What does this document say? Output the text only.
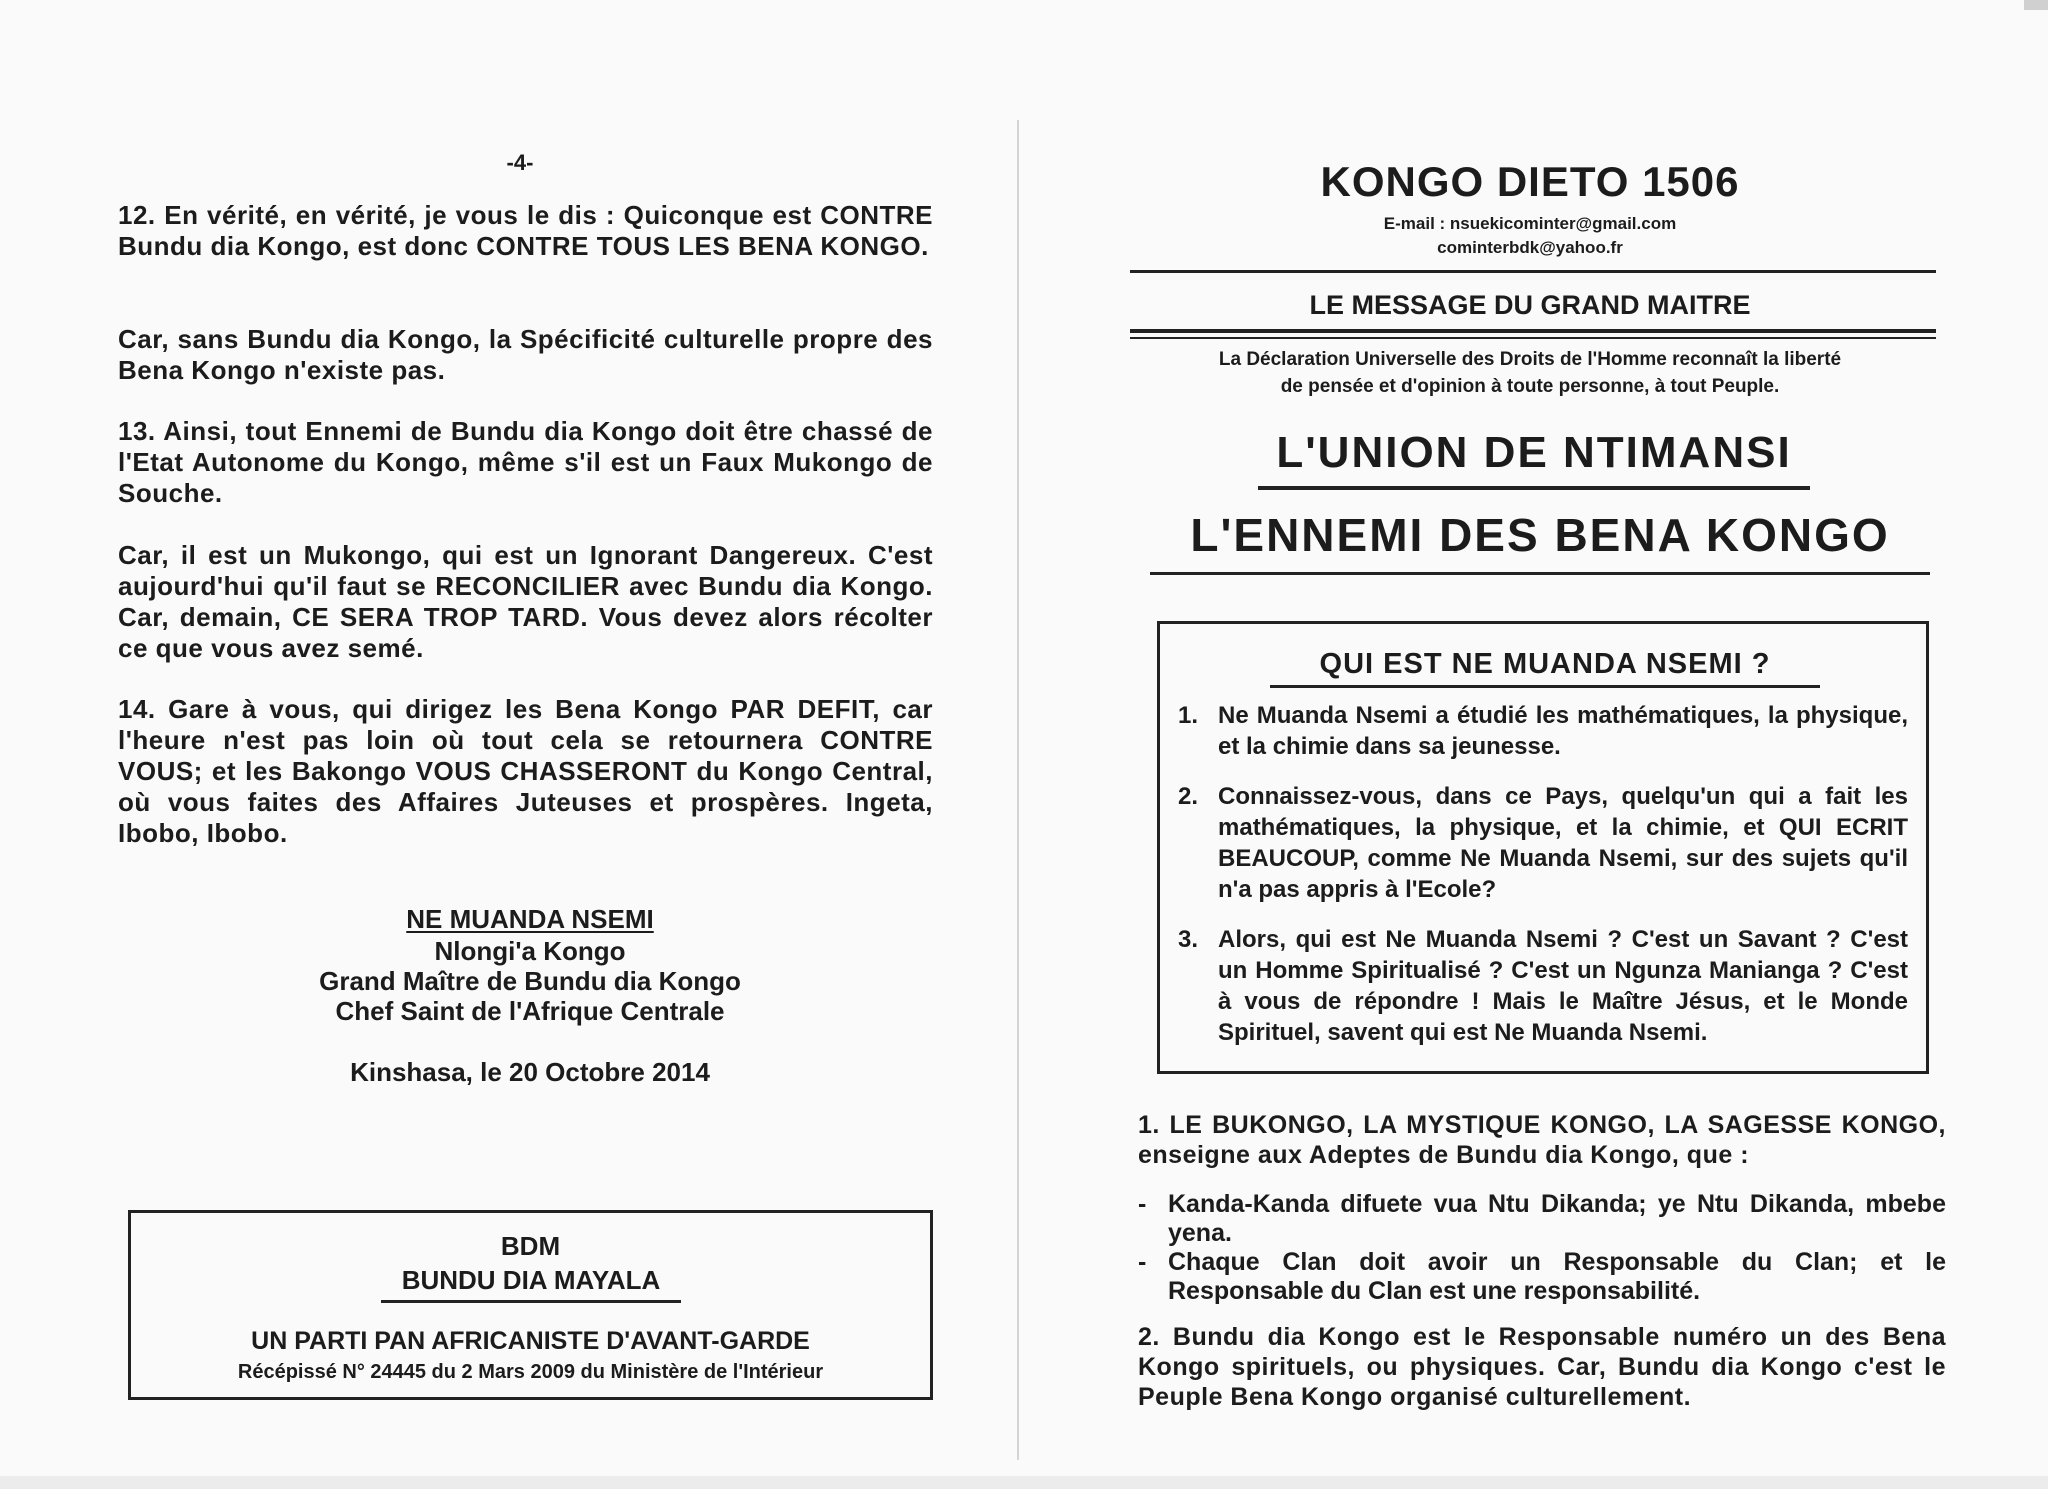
-4-
12. En vérité, en vérité, je vous le dis : Quiconque est CONTRE Bundu dia Kongo, est donc CONTRE TOUS LES BENA KONGO.
Car, sans Bundu dia Kongo, la Spécificité culturelle propre des Bena Kongo n'existe pas.
13. Ainsi, tout Ennemi de Bundu dia Kongo doit être chassé de l'Etat Autonome du Kongo, même s'il est un Faux Mukongo de Souche.
Car, il est un Mukongo, qui est un Ignorant Dangereux. C'est aujourd'hui qu'il faut se RECONCILIER avec Bundu dia Kongo. Car, demain, CE SERA TROP TARD. Vous devez alors récolter ce que vous avez semé.
14. Gare à vous, qui dirigez les Bena Kongo PAR DEFIT, car l'heure n'est pas loin où tout cela se retournera CONTRE VOUS; et les Bakongo VOUS CHASSERONT du Kongo Central, où vous faites des Affaires Juteuses et prospères. Ingeta, Ibobo, Ibobo.
NE MUANDA NSEMI
Nlongi'a Kongo
Grand Maître de Bundu dia Kongo
Chef Saint de l'Afrique Centrale
Kinshasa, le 20 Octobre 2014
BDM
BUNDU DIA MAYALA
UN PARTI PAN AFRICANISTE D'AVANT-GARDE
Récépissé N° 24445 du 2 Mars 2009 du Ministère de l'Intérieur
KONGO DIETO 1506
E-mail : nsuekicominter@gmail.com
cominterbdk@yahoo.fr
LE MESSAGE DU GRAND MAITRE
La Déclaration Universelle des Droits de l'Homme reconnaît la liberté
de pensée et d'opinion à toute personne, à tout Peuple.
L'UNION DE NTIMANSI
L'ENNEMI DES BENA KONGO
QUI EST NE MUANDA NSEMI ?
1. Ne Muanda Nsemi a étudié les mathématiques, la physique, et la chimie dans sa jeunesse.
2. Connaissez-vous, dans ce Pays, quelqu'un qui a fait les mathématiques, la physique, et la chimie, et QUI ECRIT BEAUCOUP, comme Ne Muanda Nsemi, sur des sujets qu'il n'a pas appris à l'Ecole?
3. Alors, qui est Ne Muanda Nsemi ? C'est un Savant ? C'est un Homme Spiritualisé ? C'est un Ngunza Manianga ? C'est à vous de répondre ! Mais le Maître Jésus, et le Monde Spirituel, savent qui est Ne Muanda Nsemi.
1. LE BUKONGO, LA MYSTIQUE KONGO, LA SAGESSE KONGO, enseigne aux Adeptes de Bundu dia Kongo, que :
- Kanda-Kanda difuete vua Ntu Dikanda; ye Ntu Dikanda, mbebe yena.
- Chaque Clan doit avoir un Responsable du Clan; et le Responsable du Clan est une responsabilité.
2. Bundu dia Kongo est le Responsable numéro un des Bena Kongo spirituels, ou physiques. Car, Bundu dia Kongo c'est le Peuple Bena Kongo organisé culturellement.
